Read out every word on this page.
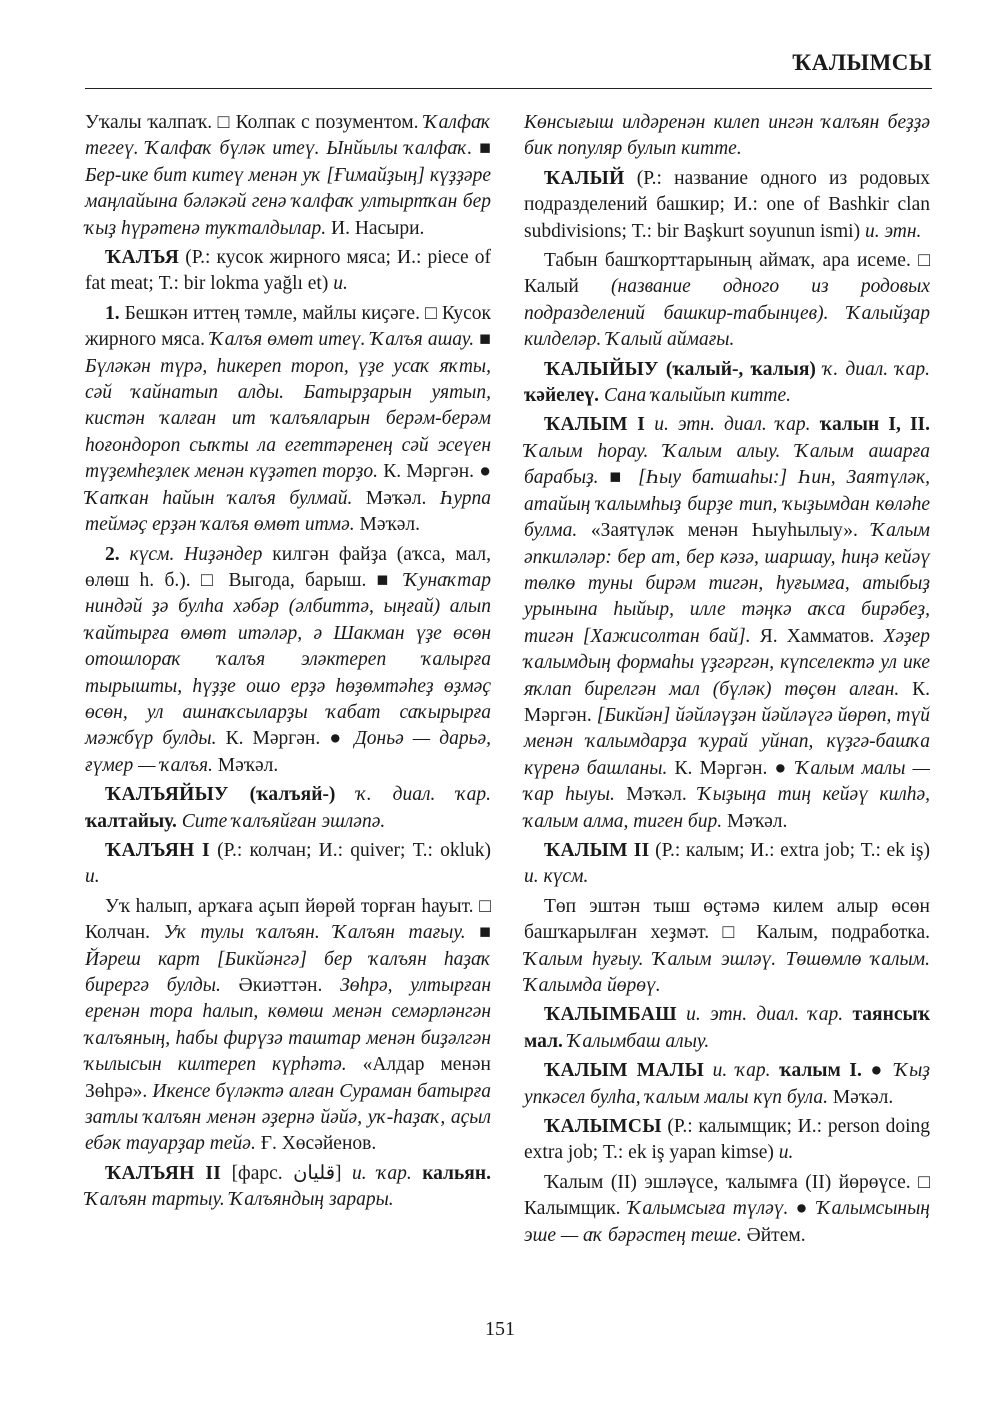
ҠАЛЫМСЫ

Уҡалы ҡалпаҡ. □ Колпак с позументом. Ҡалфаҡ тегеү. Ҡалфаҡ бүләк итеү. Ынйылы ҡалфаҡ. ■ Бер-ике бит китеү менән уҡ [Ғимайҙың] күҙҙәре маңлайына бәләкәй генә ҡалфаҡ ултыртҡан бер ҡыҙ һүрәтенә туҡталдылар. И. Насыри.

ҠАЛЪЯ (Р.: кусок жирного мяса; И.: piece of fat meat; Т.: bir lokma yağlı et) и.

1. Бешкән иттең тәмле, майлы киҫәге. □ Кусок жирного мяса. Ҡалъя өмөт итеү. Ҡалъя ашау. ■ Бүләкән түрә, һикереп тороп, үҙе усаҡ яҡты, сәй ҡайнатып алды. Батырҙарын уятып, кистән ҡалған ит ҡалъяларын берәм-берәм һоғондороп сыҡты ла егеттәренең сәй эсеүен түҙемһеҙлек менән күҙәтеп торҙо. К. Мәргән. ● Ҡапҡан һайын ҡалъя булмай. Мәҡәл. Һурпа теймәҫ ерҙән ҡалъя өмөт итмә. Мәҡәл.

2. күсм. Ниҙәндер килгән файҙа (аҡса, мал, өлөш һ. б.). □ Выгода, барыш. ■ Ҡунаҡтар ниндәй ҙә булһа хәбәр (әлбиттә, ыңғай) алып ҡайтырға өмөт итәләр, ә Шакман үҙе өсөн отошлораҡ ҡалъя эләктереп ҡалырға тырышты, һүҙҙе ошо ерҙә һөҙөмтәһеҙ өҙмәҫ өсөн, ул ашнаҡсыларҙы ҡабат саҡырырға мәжбүр булды. К. Мәргән. ● Доньә — дарьә, ғүмер — ҡалъя. Мәҡәл.

ҠАЛЪЯЙЫУ (ҡалъяй-) ҡ. диал. ҡар. ҡалтайыу. Сите ҡалъяйған эшләпә.

ҠАЛЪЯН I (Р.: колчан; И.: quiver; Т.: okluk) и.

Уҡ һалып, арҡаға аҫып йөрөй торған һауыт. □ Колчан. Уҡ тулы ҡалъян. Ҡалъян тағыу. ■ Йәреш карт [Бикйәнгә] бер ҡалъян һаҙаҡ бирергә булды. Әкиәттән. Зөһрә, ултырған еренән тора һалып, көмөш менән семәрләнгән ҡалъяның, һабы фирүзә таштар менән биҙәлгән ҡылысын килтереп күрһәтә. «Алдар менән Зөһрә». Икенсе бүләктә алған Сураман батырға затлы ҡалъян менән әҙернә йәйә, уҡ-һаҙаҡ, аҫыл ебәк тауарҙар тейә. Ғ. Хөсәйенов.

ҠАЛЪЯН II [фарс. قليان] и. ҡар. кальян. Ҡалъян тартыу. Ҡалъяндың зарары.

Көнсығыш илдәренән килеп ингән ҡалъян беҙҙә бик популяр булып китте.

ҠАЛЫЙ (Р.: название одного из родовых подразделений башкир; И.: one of Bashkir clan subdivisions; Т.: bir Başkurt soyunun ismi) и. этн.

Табын башҡорттарының аймаҡ, ара исеме. □ Калый (название одного из родовых подразделений башкир-табынцев). Ҡалыйҙар килделәр. Ҡалый аймағы.

ҠАЛЫЙЫУ (ҡалый-, ҡалыя) ҡ. диал. ҡар. ҡәйелеү. Сана ҡалыйып китте.

ҠАЛЫМ I и. этн. диал. ҡар. ҡалын I, II. Ҡалым һорау. Ҡалым алыу. Ҡалым ашарға барабыҙ. ■ [Һыу батшаһы:] Һин, Заятүләк, атайың ҡалымһыҙ бирҙе тип, ҡыҙымдан көләһе булма. «Заятүләк менән Һыуһылыу». Ҡалым әпкиләләр: бер ат, бер кәзә, шаршау, һиңә кейәү төлкө туны бирәм тигән, һуғымға, атыбыҙ урынына һыйыр, илле тәңкә аҡса бирәбеҙ, тигән [Хажисолтан бай]. Я. Хамматов. Хәҙер ҡалымдың формаһы үҙгәргән, күпселектә ул ике яҡлап бирелгән мал (бүләк) төҫөн алған. К. Мәргән. [Бикйән] йәйләүҙән йәйләүгә йөрөп, түй менән ҡалымдарҙа ҡурай уйнап, күҙгә-башҡа күренә башланы. К. Мәргән. ● Ҡалым малы — ҡар һыуы. Мәҡәл. Ҡыҙыңа тиң кейәү килһә, ҡалым алма, тиген бир. Мәҡәл.

ҠАЛЫМ II (Р.: калым; И.: extra job; Т.: ek iş) и. күсм.

Төп эштән тыш өҫтәмә килем алыр өсөн башҡарылған хеҙмәт. □ Калым, подработка. Ҡалым һуғыу. Ҡалым эшләү. Төшөмлө ҡалым. Ҡалымда йөрөү.

ҠАЛЫМБАШ и. этн. диал. ҡар. таянсыҡ мал. Ҡалымбаш алыу.

ҠАЛЫМ МАЛЫ и. ҡар. ҡалым I. ● Ҡыҙ упкәсел булһа, ҡалым малы күп була. Мәҡәл.

ҠАЛЫМСЫ (Р.: калымщик; И.: person doing extra job; Т.: ek iş yapan kimse) и.

Ҡалым (II) эшләүсе, ҡалымға (II) йөрөүсе. □ Калымщик. Ҡалымсыға түләү. ● Ҡалымсының эше — аҡ бәрәстең теше. Әйтем.

151
